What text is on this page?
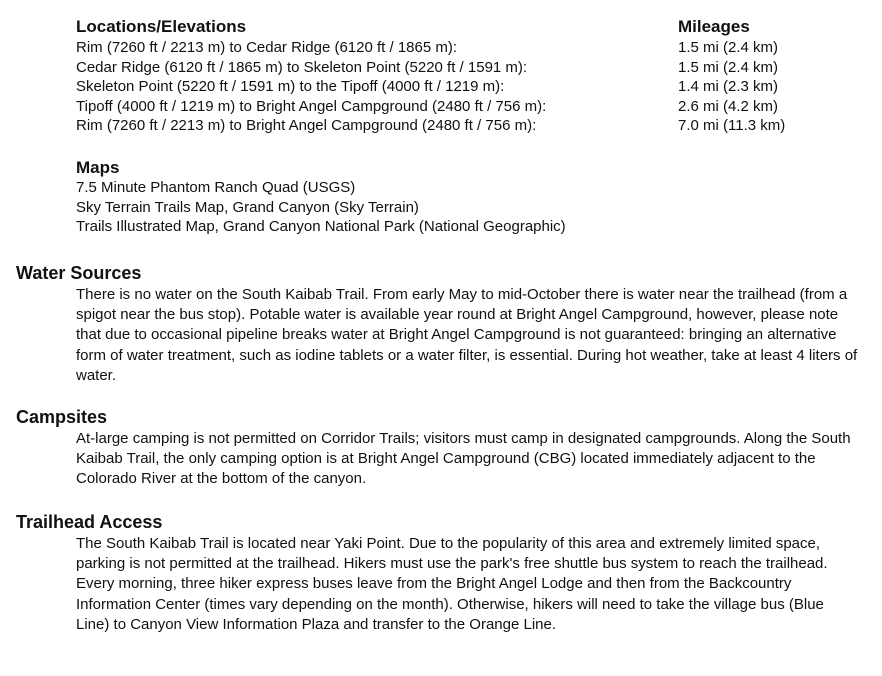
Locations/Elevations
Rim (7260 ft / 2213 m) to Cedar Ridge (6120 ft / 1865 m):
Cedar Ridge (6120 ft / 1865 m) to Skeleton Point (5220 ft / 1591 m):
Skeleton Point (5220 ft / 1591 m) to the Tipoff (4000 ft / 1219 m):
Tipoff (4000 ft / 1219 m) to Bright Angel Campground (2480 ft / 756 m):
Rim (7260 ft / 2213 m) to Bright Angel Campground (2480 ft / 756 m):
Mileages
1.5 mi (2.4 km)
1.5 mi (2.4 km)
1.4 mi (2.3 km)
2.6 mi (4.2 km)
7.0 mi (11.3 km)
Maps
7.5 Minute Phantom Ranch Quad (USGS)
Sky Terrain Trails Map, Grand Canyon (Sky Terrain)
Trails Illustrated Map, Grand Canyon National Park (National Geographic)
Water Sources

There is no water on the South Kaibab Trail. From early May to mid-October there is water near the trailhead (from a spigot near the bus stop). Potable water is available year round at Bright Angel Campground, however, please note that due to occasional pipeline breaks water at Bright Angel Campground is not guaranteed: bringing an alternative form of water treatment, such as iodine tablets or a water filter, is essential. During hot weather, take at least 4 liters of water.

Campsites

At-large camping is not permitted on Corridor Trails; visitors must camp in designated campgrounds. Along the South Kaibab Trail, the only camping option is at Bright Angel Campground (CBG) located immediately adjacent to the Colorado River at the bottom of the canyon.

Trailhead Access

The South Kaibab Trail is located near Yaki Point. Due to the popularity of this area and extremely limited space, parking is not permitted at the trailhead. Hikers must use the park's free shuttle bus system to reach the trailhead. Every morning, three hiker express buses leave from the Bright Angel Lodge and then from the Backcountry Information Center (times vary depending on the month). Otherwise, hikers will need to take the village bus (Blue Line) to Canyon View Information Plaza and transfer to the Orange Line.
